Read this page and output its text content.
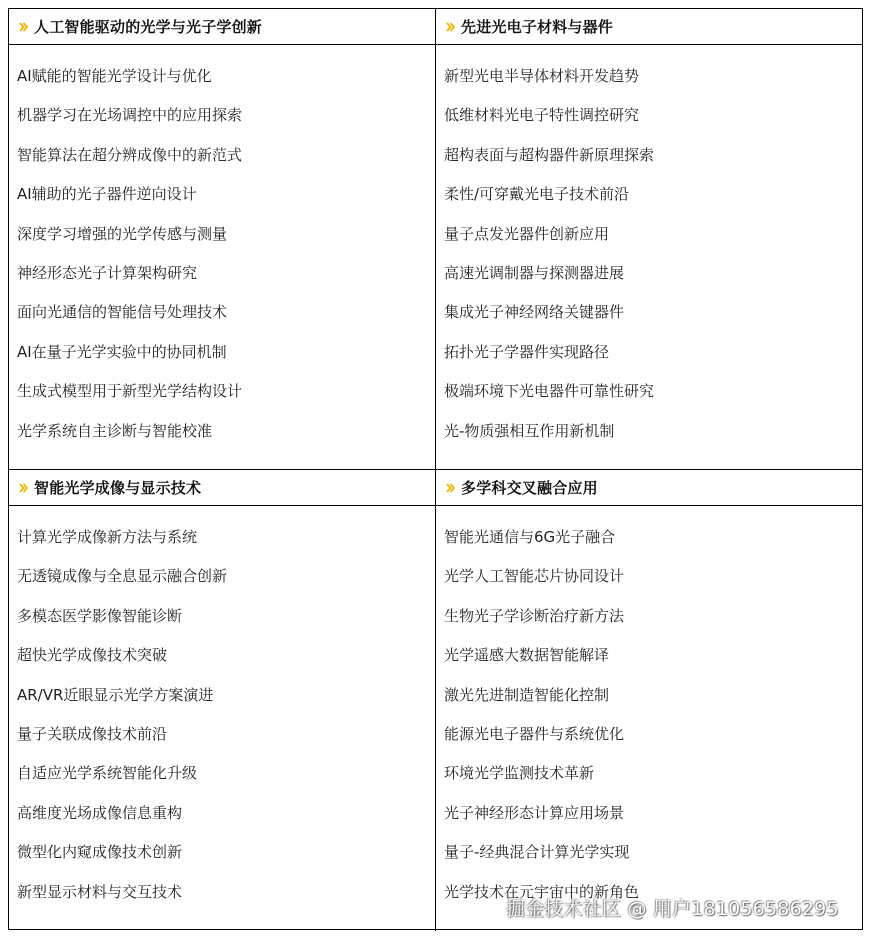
人工智能驱动的光学与光子学创新
AI赋能的智能光学设计与优化
机器学习在光场调控中的应用探索
智能算法在超分辨成像中的新范式
AI辅助的光子器件逆向设计
深度学习增强的光学传感与测量
神经形态光子计算架构研究
面向光通信的智能信号处理技术
AI在量子光学实验中的协同机制
生成式模型用于新型光学结构设计
光学系统自主诊断与智能校准
先进光电子材料与器件
新型光电半导体材料开发趋势
低维材料光电子特性调控研究
超构表面与超构器件新原理探索
柔性/可穿戴光电子技术前沿
量子点发光器件创新应用
高速光调制器与探测器进展
集成光子神经网络关键器件
拓扑光子学器件实现路径
极端环境下光电器件可靠性研究
光-物质强相互作用新机制
智能光学成像与显示技术
计算光学成像新方法与系统
无透镜成像与全息显示融合创新
多模态医学影像智能诊断
超快光学成像技术突破
AR/VR近眼显示光学方案演进
量子关联成像技术前沿
自适应光学系统智能化升级
高维度光场成像信息重构
微型化内窥成像技术创新
新型显示材料与交互技术
多学科交叉融合应用
智能光通信与6G光子融合
光学人工智能芯片协同设计
生物光子学诊断治疗新方法
光学遥感大数据智能解译
激光先进制造智能化控制
能源光电子器件与系统优化
环境光学监测技术革新
光子神经形态计算应用场景
量子-经典混合计算光学实现
光学技术在元宇宙中的新角色
掘金技术社区 @ 用户181056586295
